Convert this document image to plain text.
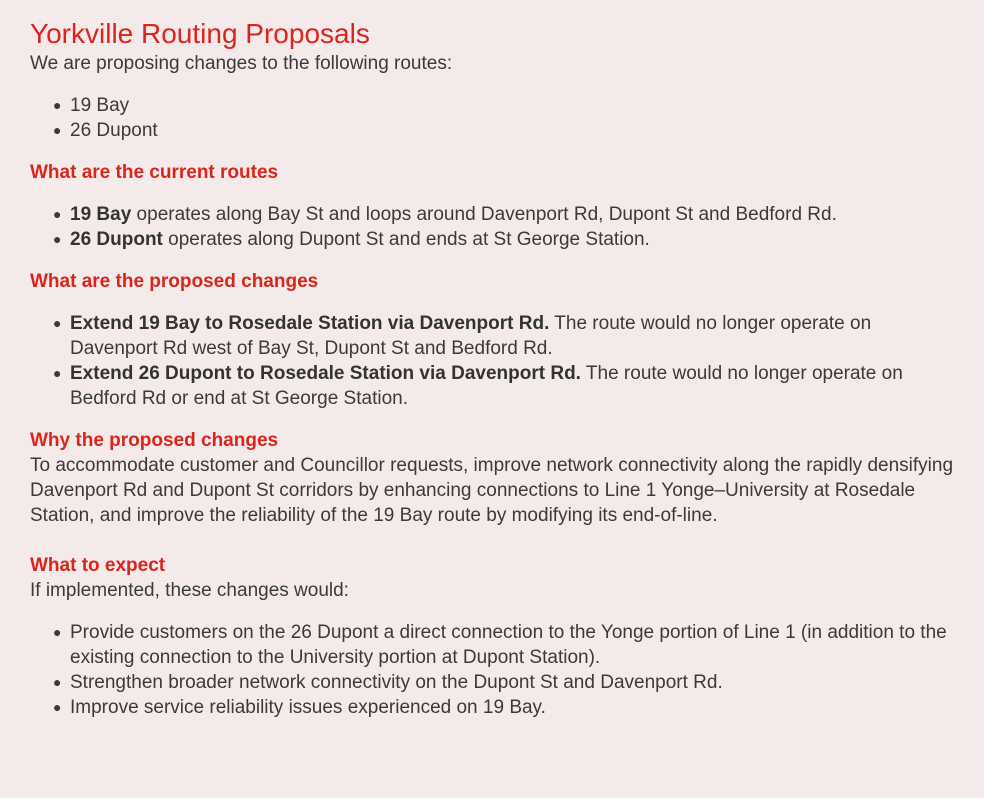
Yorkville Routing Proposals

We are proposing changes to the following routes:

● 19 Bay
● 26 Dupont
What are the current routes
● 19 Bay operates along Bay St and loops around Davenport Rd, Dupont St and Bedford Rd.
● 26 Dupont operates along Dupont St and ends at St George Station.
What are the proposed changes
● Extend 19 Bay to Rosedale Station via Davenport Rd. The route would no longer operate on Davenport Rd west of Bay St, Dupont St and Bedford Rd.
● Extend 26 Dupont to Rosedale Station via Davenport Rd. The route would no longer operate on Bedford Rd or end at St George Station.
Why the proposed changes

To accommodate customer and Councillor requests, improve network connectivity along the rapidly densifying Davenport Rd and Dupont St corridors by enhancing connections to Line 1 Yonge–University at Rosedale Station, and improve the reliability of the 19 Bay route by modifying its end-of-line.

What to expect

If implemented, these changes would:

● Provide customers on the 26 Dupont a direct connection to the Yonge portion of Line 1 (in addition to the existing connection to the University portion at Dupont Station).
● Strengthen broader network connectivity on the Dupont St and Davenport Rd.
● Improve service reliability issues experienced on 19 Bay.
